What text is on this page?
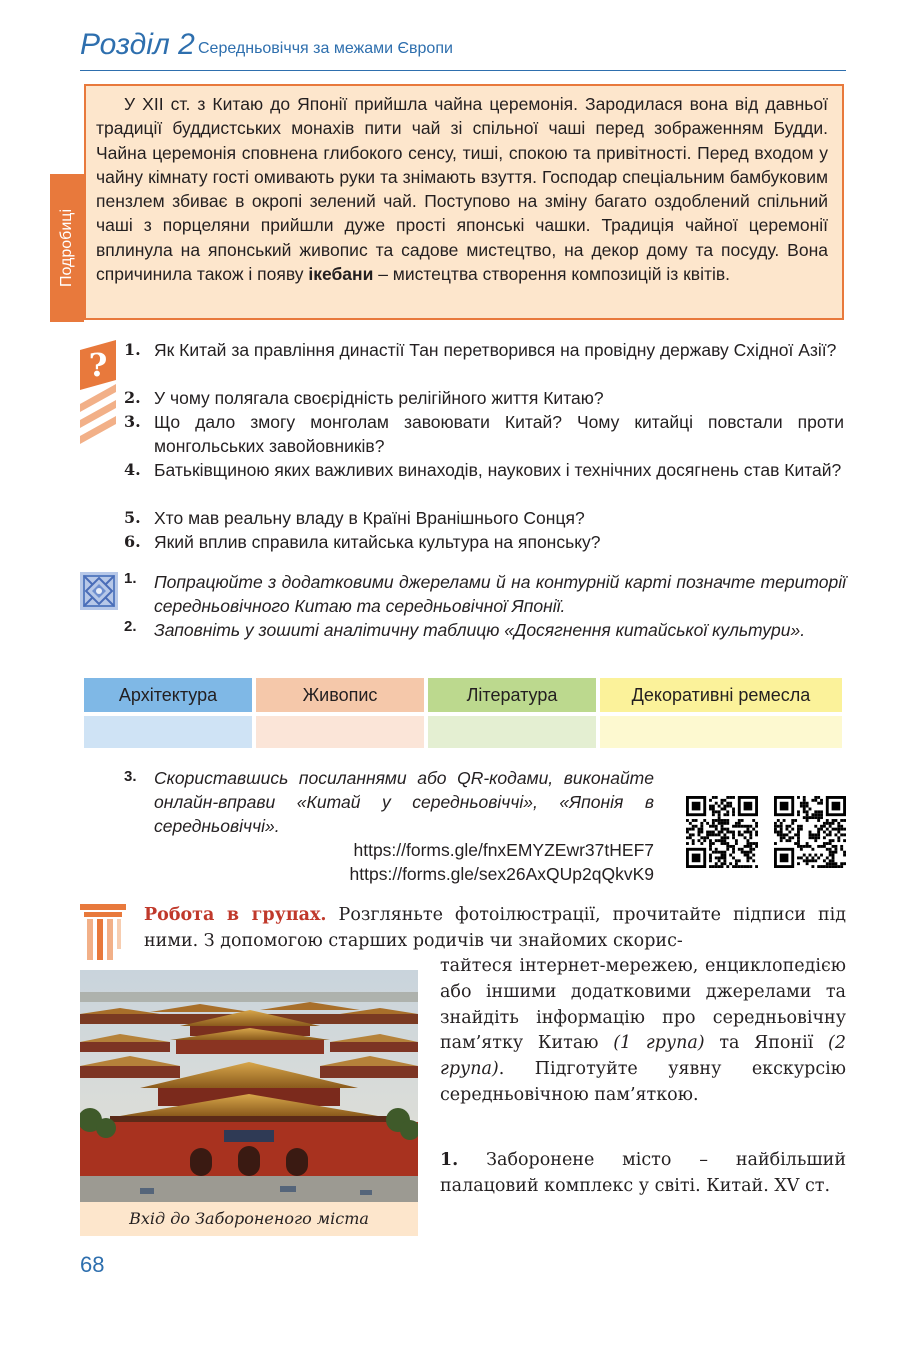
Розділ 2 Середньовіччя за межами Європи
Подробиці
У XII ст. з Китаю до Японії прийшла чайна церемонія. Зародилася вона від давньої традиції буддистських монахів пити чай зі спільної чаші перед зображенням Будди. Чайна церемонія сповнена глибокого сенсу, тиші, спокою та привітності. Перед входом у чайну кімнату гості омивають руки та знімають взуття. Господар спеціальним бамбуковим пензлем збиває в окропі зелений чай. Поступово на зміну багато оздоблений спільний чаші з порцеляни прийшли дуже прості японські чашки. Традиція чайної церемонії вплинула на японський живопис та садове мистецтво, на декор дому та посуду. Вона спричинила також і появу ікебани – мистецтва створення композицій із квітів.
? 1. Як Китай за правління династії Тан перетворився на провідну державу Східної Азії?
2. У чому полягала своєрідність релігійного життя Китаю?
3. Що дало змогу монголам завоювати Китай? Чому китайці повстали проти монгольських завойовників?
4. Батьківщиною яких важливих винаходів, наукових і технічних досягнень став Китай?
5. Хто мав реальну владу в Країні Вранішнього Сонця?
6. Який вплив справила китайська культура на японську?
1. Попрацюйте з додатковими джерелами й на контурній карті позначте території середньовічного Китаю та середньовічної Японії.
2. Заповніть у зошиті аналітичну таблицю «Досягнення китайської культури».
Архітектура	Живопис	Література	Декоративні ремесла
3. Скориставшись посиланнями або QR-кодами, виконайте онлайн-вправи «Китай у середньовіччі», «Японія в середньовіччі».
https://forms.gle/fnxEMYZEwr37tHEF7
https://forms.gle/sex26AxQUp2qQkvK9
Робота в групах. Розгляньте фотоілюстрації, прочитайте підписи під ними. З допомогою старших родичів чи знайомих скорис-
тайтеся інтернет-мережею, енциклопедією або іншими додатковими джерелами та знайдіть інформацію про середньовічну пам’ятку Китаю (1 група) та Японії (2 група). Підготуйте уявну екскурсію середньовічною пам’яткою.
1. Заборонене місто – найбільший палацовий комплекс у світі. Китай. XV ст.
Вхід до Забороненого міста
68
